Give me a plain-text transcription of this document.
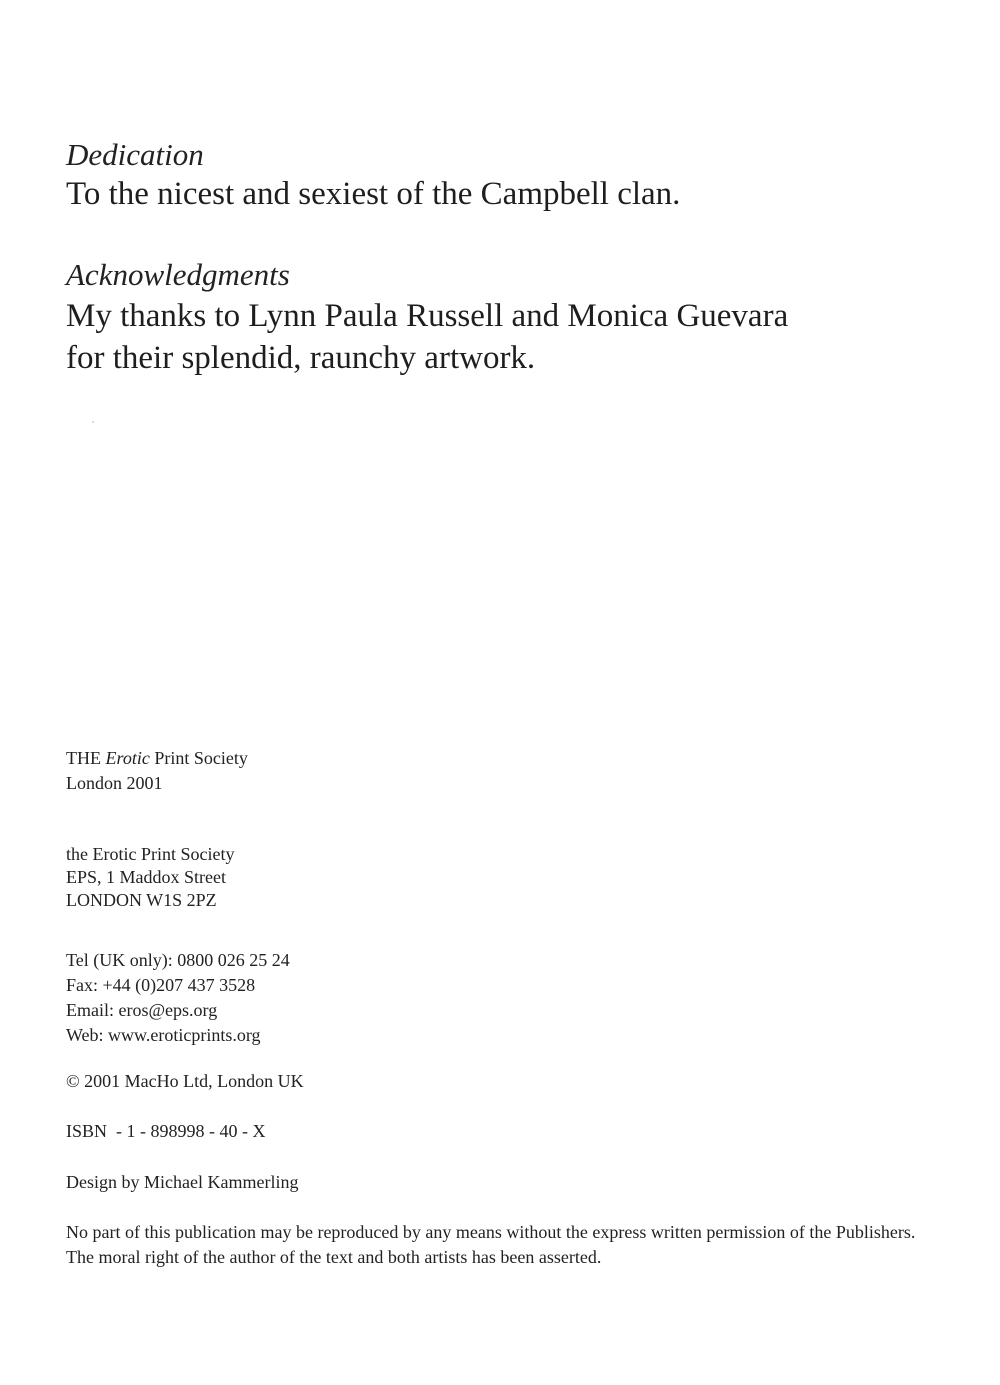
Dedication

To the nicest and sexiest of the Campbell clan.

Acknowledgments

My thanks to Lynn Paula Russell and Monica Guevara

for their splendid, raunchy artwork.

THE Erotic Print Society

London 2001

the Erotic Print Society

EPS, 1 Maddox Street

LONDON W1S 2PZ

Tel (UK only): 0800 026 25 24

Fax: +44 (0)207 437 3528

Email: eros@eps.org

Web: www.eroticprints.org

© 2001 MacHo Ltd, London UK

ISBN  - 1 - 898998 - 40 - X

Design by Michael Kammerling

No part of this publication may be reproduced by any means without the express written permission of the Publishers. The moral right of the author of the text and both artists has been asserted.
